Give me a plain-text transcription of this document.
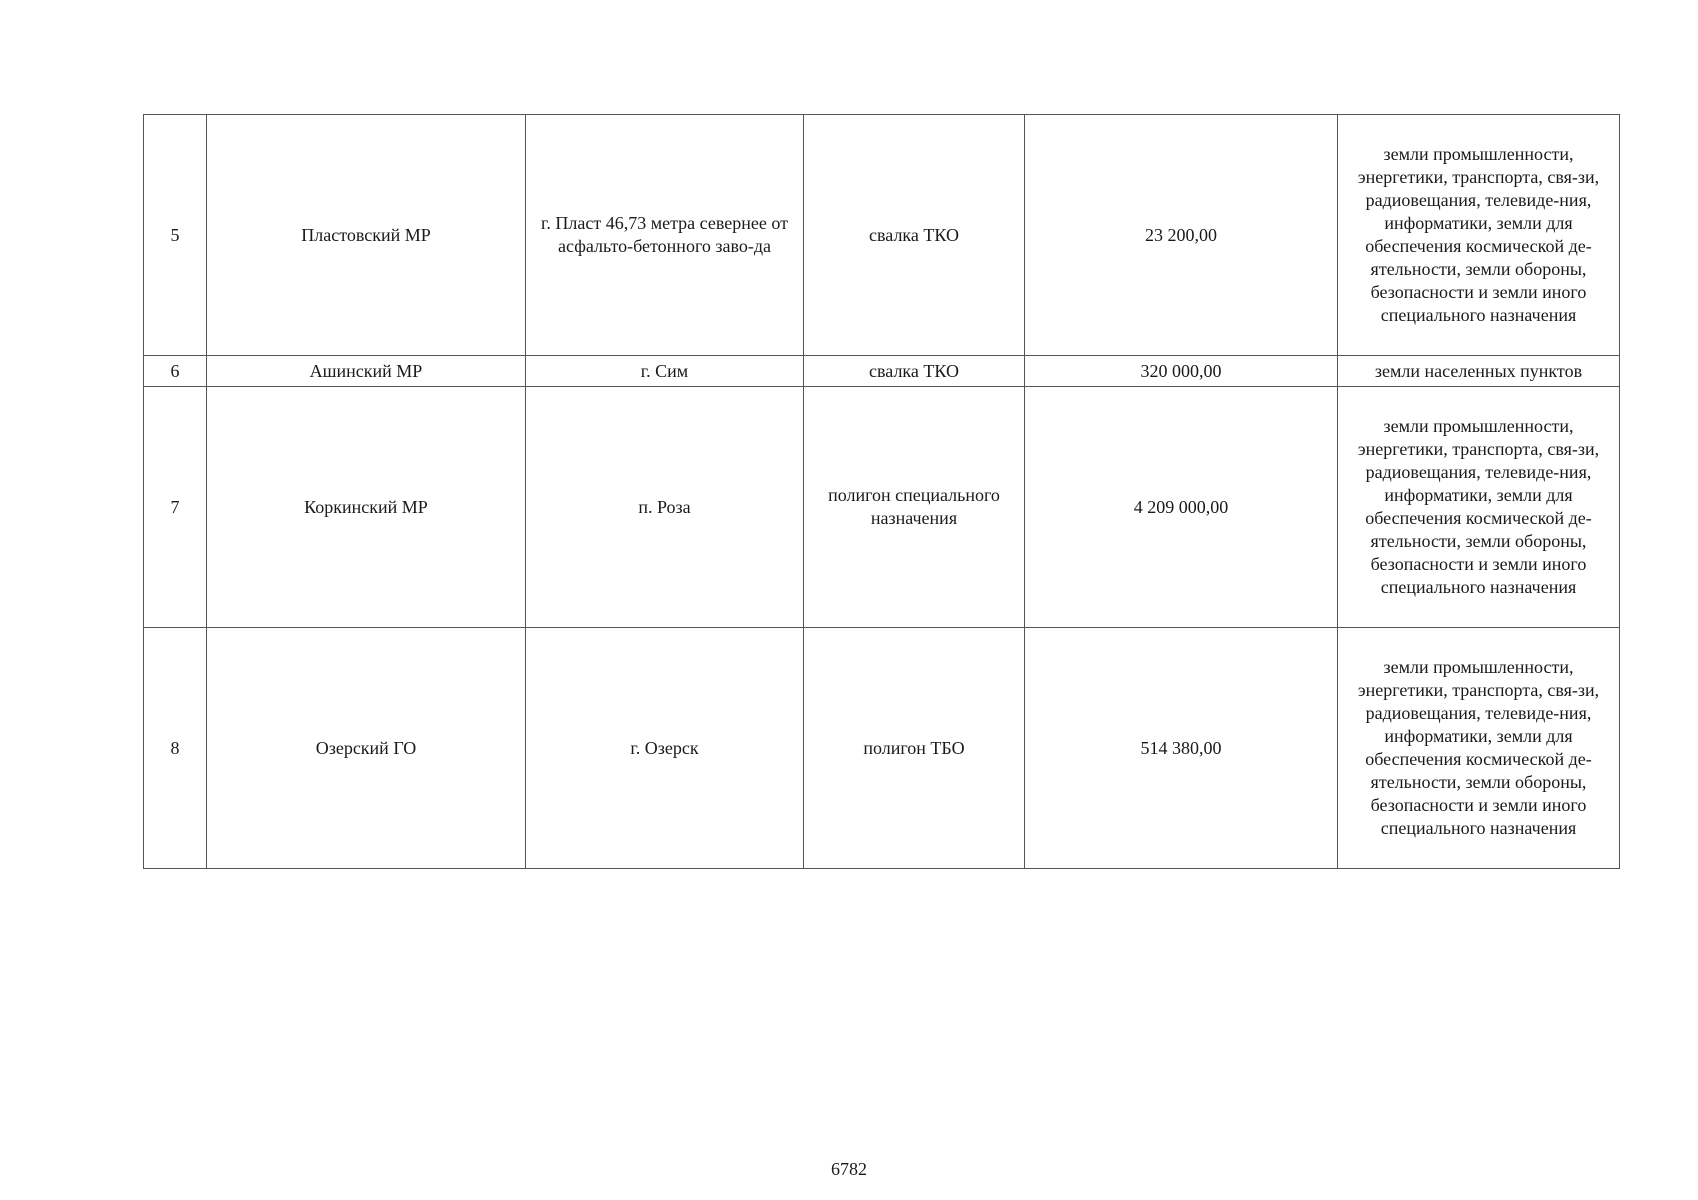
5	Пластовский МР	г. Пласт 46,73 метра севернее от асфальто-бетонного заво-да	свалка ТКО	23 200,00	земли промышленности, энергетики, транспорта, свя-зи, радиовещания, телевиде-ния, информатики, земли для обеспечения космической де-ятельности, земли обороны, безопасности и земли иного специального назначения
6	Ашинский МР	г. Сим	свалка ТКО	320 000,00	земли населенных пунктов
7	Коркинский МР	п. Роза	полигон специального назначения	4 209 000,00	земли промышленности, энергетики, транспорта, свя-зи, радиовещания, телевиде-ния, информатики, земли для обеспечения космической де-ятельности, земли обороны, безопасности и земли иного специального назначения
8	Озерский ГО	г. Озерск	полигон ТБО	514 380,00	земли промышленности, энергетики, транспорта, свя-зи, радиовещания, телевиде-ния, информатики, земли для обеспечения космической де-ятельности, земли обороны, безопасности и земли иного специального назначения
6782
